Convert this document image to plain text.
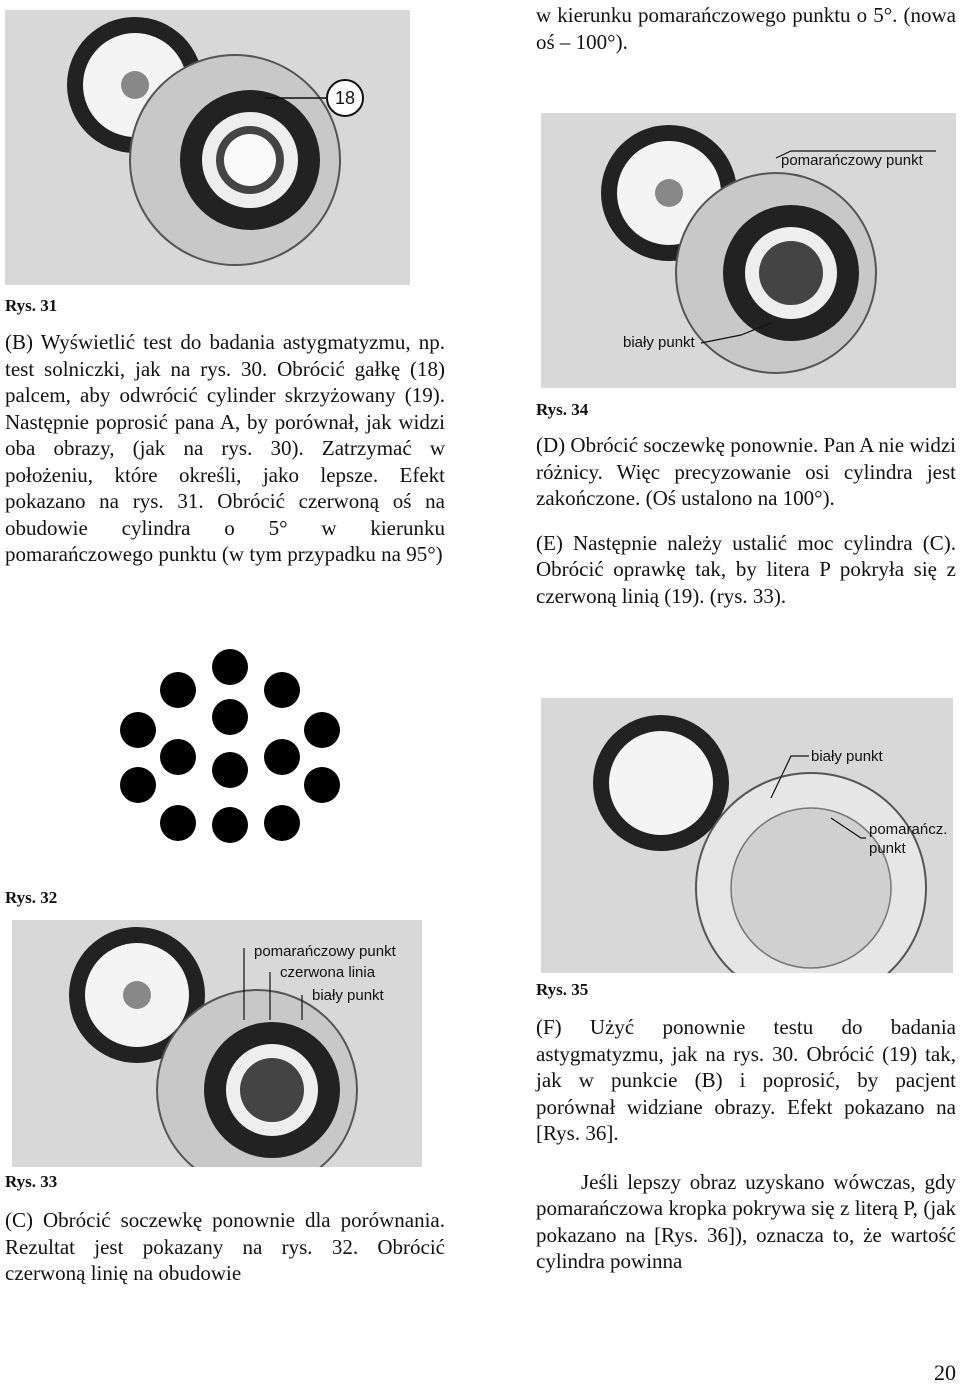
w kierunku pomarańczowego punktu o 5°. (nowa oś – 100°).

18
Rys. 31

(B) Wyświetlić test do badania astygmatyzmu, np. test solniczki, jak na rys. 30. Obrócić gałkę (18) palcem, aby odwrócić cylinder skrzyżowany (19). Następnie poprosić pana A, by porównał, jak widzi oba obrazy, (jak na rys. 30). Zatrzymać w położeniu, które określi, jako lepsze. Efekt pokazano na rys. 31. Obrócić czerwoną oś na obudowie cylindra o 5° w kierunku pomarańczowego punktu (w tym przypadku na 95°)

Rys. 32
pomarańczowy punkt
czerwona linia
biały punkt
Rys. 33

(C) Obrócić soczewkę ponownie dla porównania. Rezultat jest pokazany na rys. 32. Obrócić czerwoną linię na obudowie

pomarańczowy punkt
biały punkt
Rys. 34

(D) Obrócić soczewkę ponownie. Pan A nie widzi różnicy. Więc precyzowanie osi cylindra jest zakończone. (Oś ustalono na 100°).

(E) Następnie należy ustalić moc cylindra (C). Obrócić oprawkę tak, by litera P pokryła się z czerwoną linią (19). (rys. 33).

biały punkt
pomarańcz.
punkt
Rys. 35

(F) Użyć ponownie testu do badania astygmatyzmu, jak na rys. 30. Obrócić (19) tak, jak w punkcie (B) i poprosić, by pacjent porównał widziane obrazy. Efekt pokazano na [Rys. 36].

Jeśli lepszy obraz uzyskano wówczas, gdy pomarańczowa kropka pokrywa się z literą P, (jak pokazano na [Rys. 36]), oznacza to, że wartość cylindra powinna

20
